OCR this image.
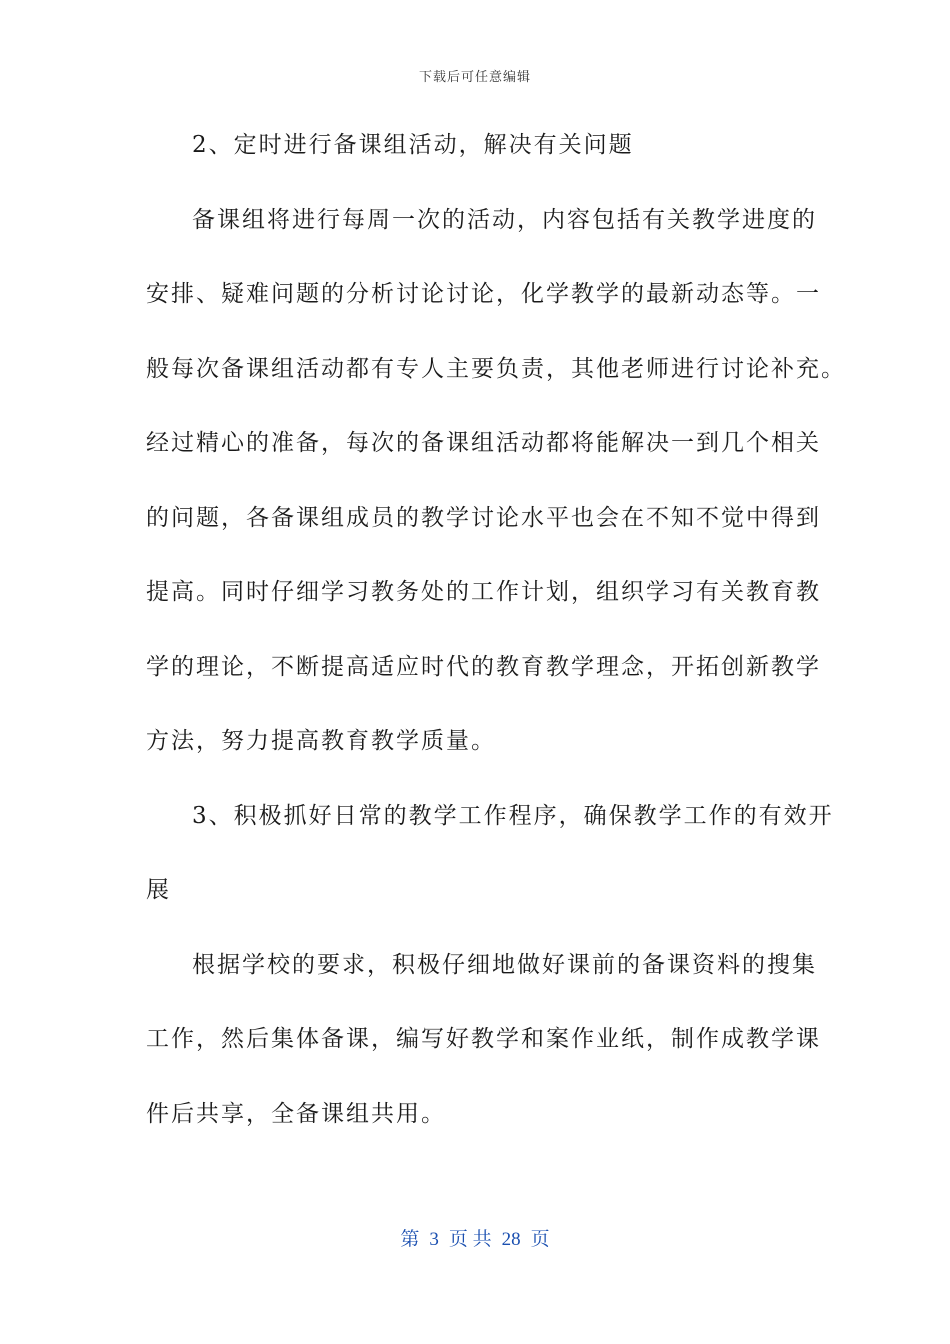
下载后可任意编辑
2、定时进行备课组活动，解决有关问题
备课组将进行每周一次的活动，内容包括有关教学进度的
安排、疑难问题的分析讨论讨论，化学教学的最新动态等。一
般每次备课组活动都有专人主要负责，其他老师进行讨论补充。
经过精心的准备，每次的备课组活动都将能解决一到几个相关
的问题，各备课组成员的教学讨论水平也会在不知不觉中得到
提高。同时仔细学习教务处的工作计划，组织学习有关教育教
学的理论，不断提高适应时代的教育教学理念，开拓创新教学
方法，努力提高教育教学质量。
3、积极抓好日常的教学工作程序，确保教学工作的有效开
展
根据学校的要求，积极仔细地做好课前的备课资料的搜集
工作，然后集体备课，编写好教学和案作业纸，制作成教学课
件后共享，全备课组共用。
第 3 页 共 28 页
